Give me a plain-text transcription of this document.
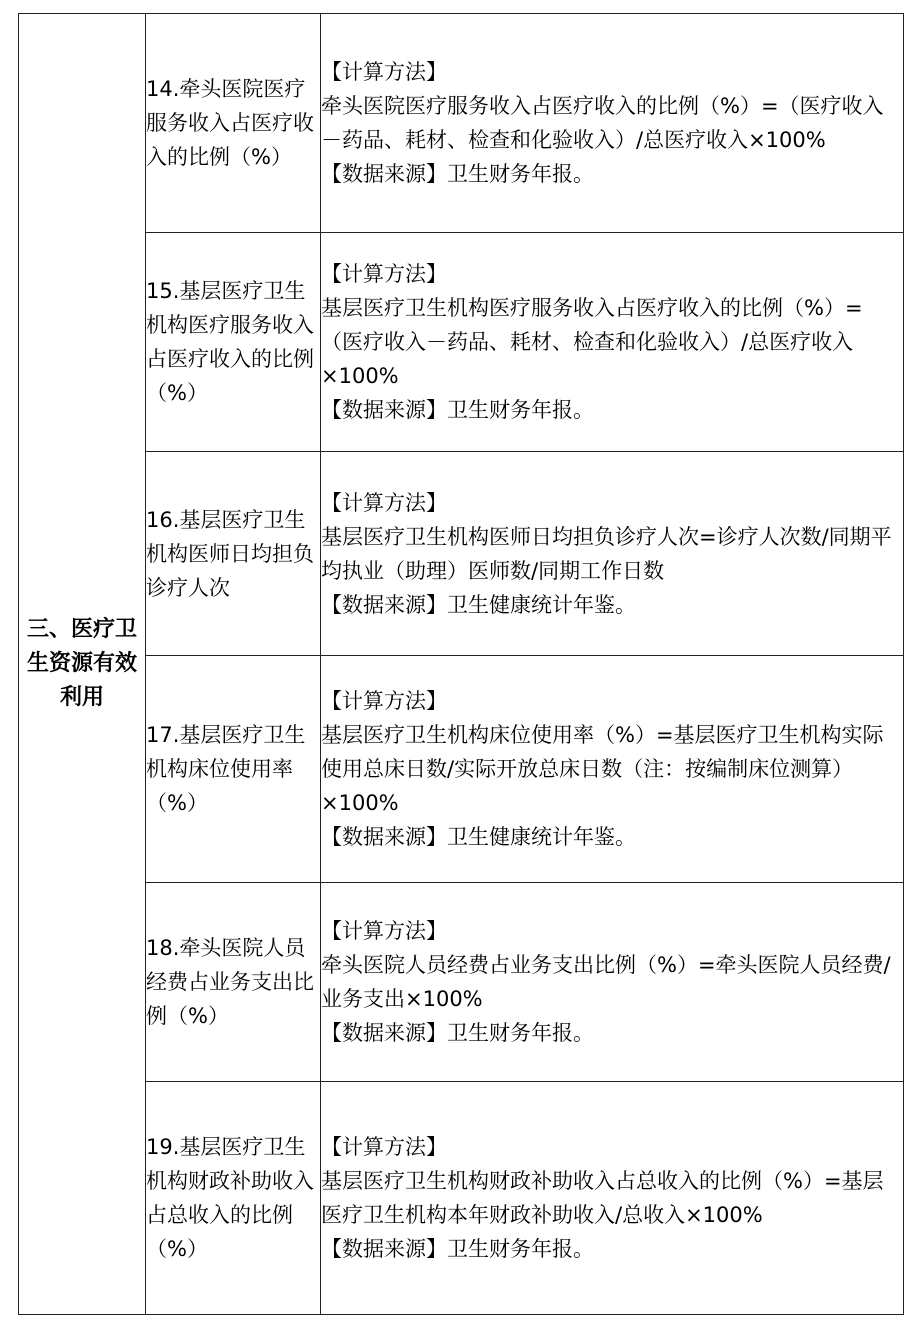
三、医疗卫生资源有效利用	14.牵头医院医疗服务收入占医疗收入的比例（%）	【计算方法】
牵头医院医疗服务收入占医疗收入的比例（%）=（医疗收入－药品、耗材、检查和化验收入）/总医疗收入×100%
【数据来源】卫生财务年报。

	15.基层医疗卫生机构医疗服务收入占医疗收入的比例（%）	【计算方法】
基层医疗卫生机构医疗服务收入占医疗收入的比例（%）=（医疗收入－药品、耗材、检查和化验收入）/总医疗收入×100%
【数据来源】卫生财务年报。

	16.基层医疗卫生机构医师日均担负诊疗人次	【计算方法】
基层医疗卫生机构医师日均担负诊疗人次=诊疗人次数/同期平均执业（助理）医师数/同期工作日数
【数据来源】卫生健康统计年鉴。

	17.基层医疗卫生机构床位使用率（%）	【计算方法】
基层医疗卫生机构床位使用率（%）=基层医疗卫生机构实际使用总床日数/实际开放总床日数（注：按编制床位测算）×100%
【数据来源】卫生健康统计年鉴。

	18.牵头医院人员经费占业务支出比例（%）	【计算方法】
牵头医院人员经费占业务支出比例（%）=牵头医院人员经费/业务支出×100%
【数据来源】卫生财务年报。

	19.基层医疗卫生机构财政补助收入占总收入的比例（%）	【计算方法】
基层医疗卫生机构财政补助收入占总收入的比例（%）=基层医疗卫生机构本年财政补助收入/总收入×100%
【数据来源】卫生财务年报。
